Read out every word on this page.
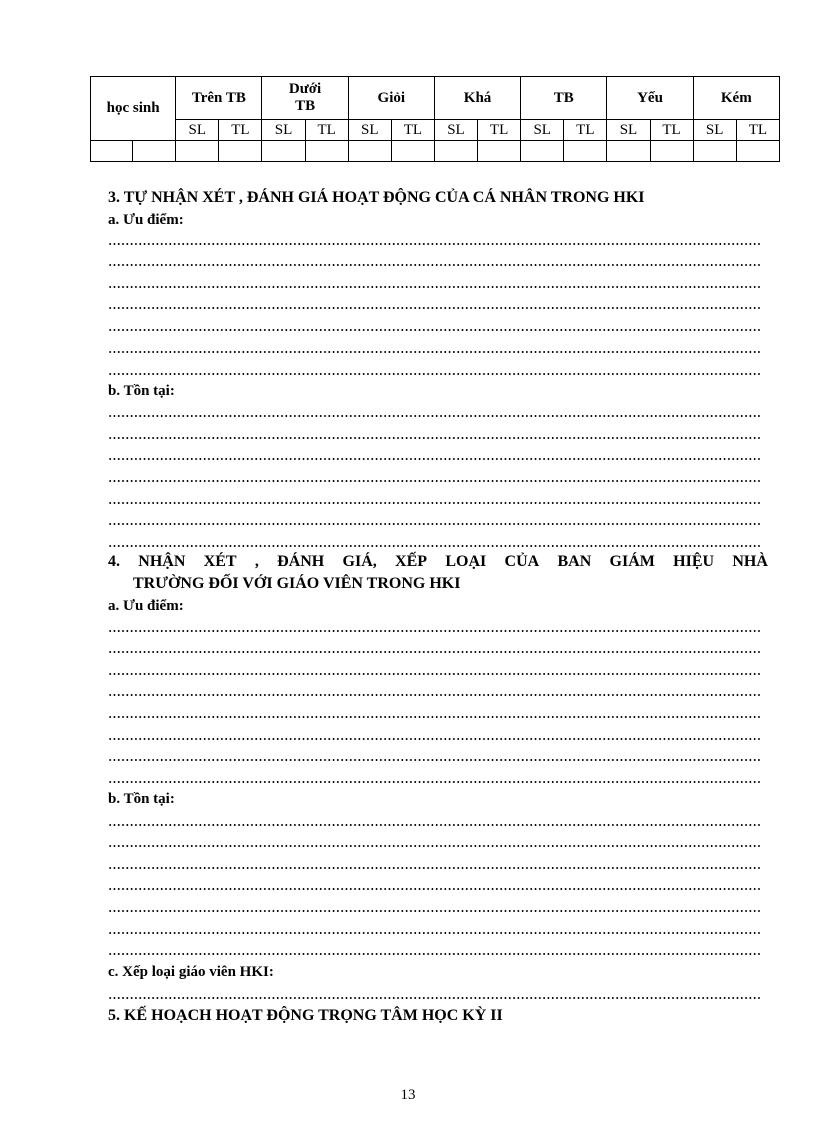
học sinh		Trên TB		Dưới TB		Giỏi		Khá		TB		Yếu		Kém	
		SL	TL	SL	TL	SL	TL	SL	TL	SL	TL	SL	TL	SL	TL

3. TỰ NHẬN XÉT , ĐÁNH GIÁ HOẠT ĐỘNG CỦA CÁ NHÂN TRONG HKI
a. Ưu điểm:
b. Tồn tại:
4. NHẬN XÉT , ĐÁNH GIÁ, XẾP LOẠI CỦA BAN GIÁM HIỆU NHÀ
TRƯỜNG ĐỐI VỚI GIÁO VIÊN TRONG HKI
a. Ưu điểm:
b. Tồn tại:
c. Xếp loại giáo viên HKI:
5. KẾ HOẠCH HOẠT ĐỘNG TRỌNG TÂM HỌC KỲ II
13
